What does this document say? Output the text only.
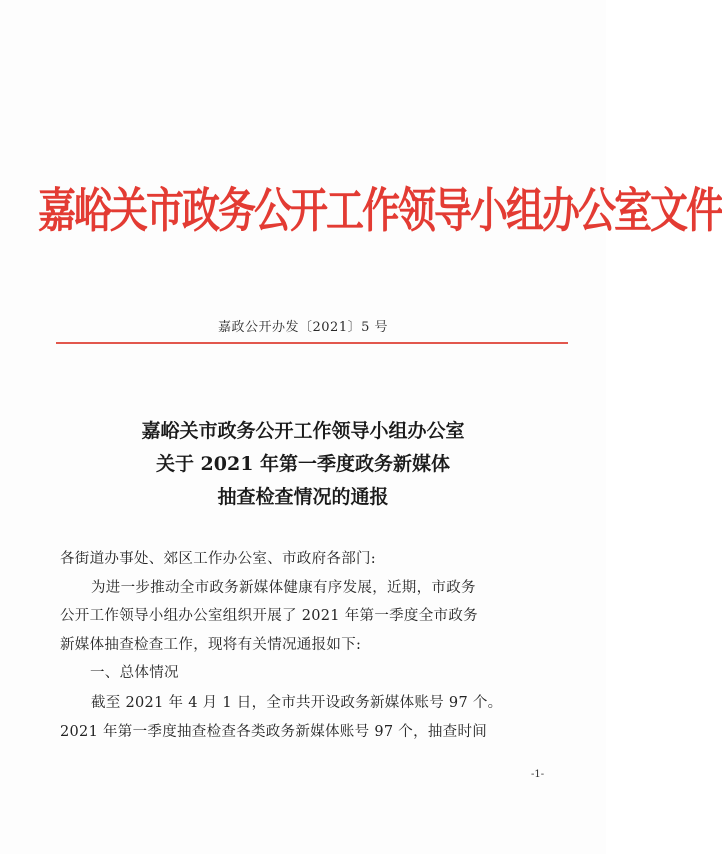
嘉峪关市政务公开工作领导小组办公室文件
嘉政公开办发〔2021〕5 号
嘉峪关市政务公开工作领导小组办公室
关于 2021 年第一季度政务新媒体
抽查检查情况的通报
各街道办事处、郊区工作办公室、市政府各部门:
为进一步推动全市政务新媒体健康有序发展，近期，市政务
公开工作领导小组办公室组织开展了 2021 年第一季度全市政务
新媒体抽查检查工作，现将有关情况通报如下:
一、总体情况
截至 2021 年 4 月 1 日，全市共开设政务新媒体账号 97 个。
2021 年第一季度抽查检查各类政务新媒体账号 97 个，抽查时间
-1-
